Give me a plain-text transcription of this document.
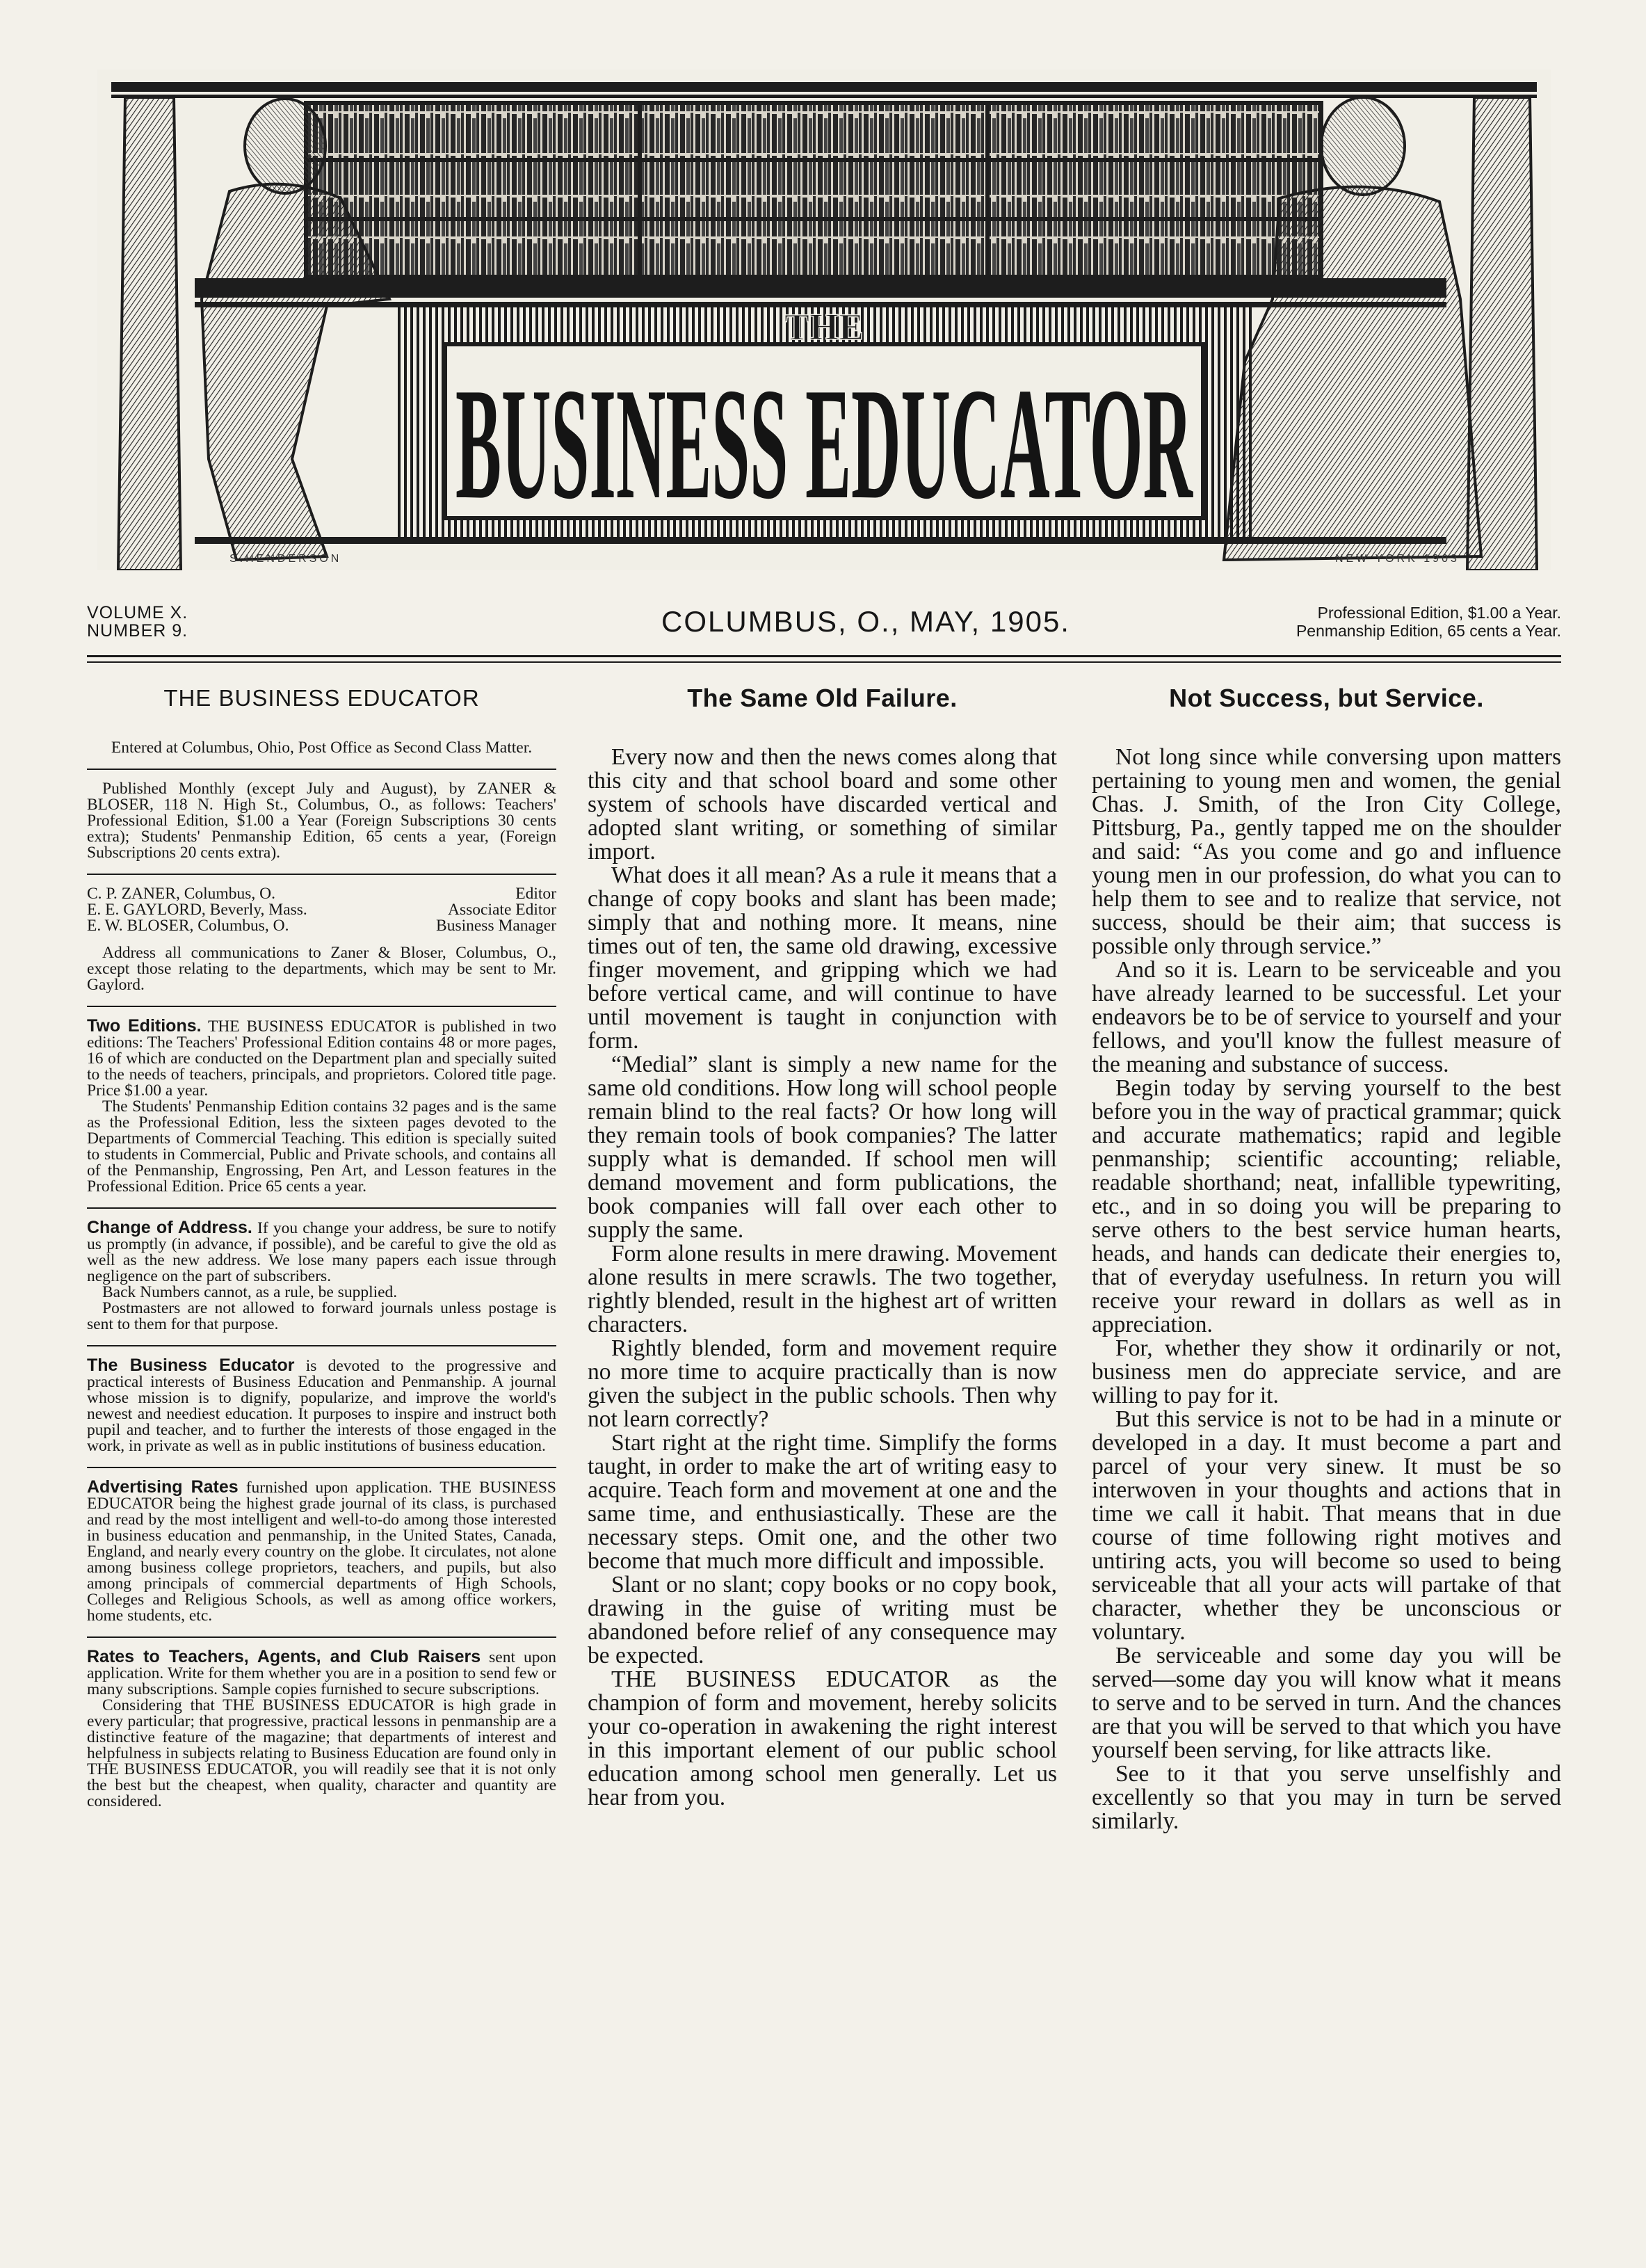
THE
BUSINESS EDUCATOR
S.HENDERSON	NEW YORK 1903
VOLUME X.
NUMBER 9.	COLUMBUS, O., MAY, 1905.	Professional Edition, $1.00 a Year.
Penmanship Edition, 65 cents a Year.
THE BUSINESS EDUCATOR

Entered at Columbus, Ohio, Post Office as Second Class Matter.

Published Monthly (except July and August), by ZANER & BLOSER, 118 N. High St., Columbus, O., as follows: Teachers' Professional Edition, $1.00 a Year (Foreign Subscriptions 30 cents extra); Students' Penmanship Edition, 65 cents a year, (Foreign Subscriptions 20 cents extra).

C. P. ZANER, Columbus, O.	Editor
E. E. GAYLORD, Beverly, Mass.	Associate Editor
E. W. BLOSER, Columbus, O.	Business Manager

Address all communications to Zaner & Bloser, Columbus, O., except those relating to the departments, which may be sent to Mr. Gaylord.

Two Editions. THE BUSINESS EDUCATOR is published in two editions: The Teachers' Professional Edition contains 48 or more pages, 16 of which are conducted on the Department plan and specially suited to the needs of teachers, principals, and proprietors. Colored title page. Price $1.00 a year.

The Students' Penmanship Edition contains 32 pages and is the same as the Professional Edition, less the sixteen pages devoted to the Departments of Commercial Teaching. This edition is specially suited to students in Commercial, Public and Private schools, and contains all of the Penmanship, Engrossing, Pen Art, and Lesson features in the Professional Edition. Price 65 cents a year.

Change of Address. If you change your address, be sure to notify us promptly (in advance, if possible), and be careful to give the old as well as the new address. We lose many papers each issue through negligence on the part of subscribers.

Back Numbers cannot, as a rule, be supplied.

Postmasters are not allowed to forward journals unless postage is sent to them for that purpose.

The Business Educator is devoted to the progressive and practical interests of Business Education and Penmanship. A journal whose mission is to dignify, popularize, and improve the world's newest and neediest education. It purposes to inspire and instruct both pupil and teacher, and to further the interests of those engaged in the work, in private as well as in public institutions of business education.

Advertising Rates furnished upon application. THE BUSINESS EDUCATOR being the highest grade journal of its class, is purchased and read by the most intelligent and well-to-do among those interested in business education and penmanship, in the United States, Canada, England, and nearly every country on the globe. It circulates, not alone among business college proprietors, teachers, and pupils, but also among principals of commercial departments of High Schools, Colleges and Religious Schools, as well as among office workers, home students, etc.

Rates to Teachers, Agents, and Club Raisers sent upon application. Write for them whether you are in a position to send few or many subscriptions. Sample copies furnished to secure subscriptions.

Considering that THE BUSINESS EDUCATOR is high grade in every particular; that progressive, practical lessons in penmanship are a distinctive feature of the magazine; that departments of interest and helpfulness in subjects relating to Business Education are found only in THE BUSINESS EDUCATOR, you will readily see that it is not only the best but the cheapest, when quality, character and quantity are considered.

The Same Old Failure.

Every now and then the news comes along that this city and that school board and some other system of schools have discarded vertical and adopted slant writing, or something of similar import.

What does it all mean? As a rule it means that a change of copy books and slant has been made; simply that and nothing more. It means, nine times out of ten, the same old drawing, excessive finger movement, and gripping which we had before vertical came, and will continue to have until movement is taught in conjunction with form.

“Medial” slant is simply a new name for the same old conditions. How long will school people remain blind to the real facts? Or how long will they remain tools of book companies? The latter supply what is demanded. If school men will demand movement and form publications, the book companies will fall over each other to supply the same.

Form alone results in mere drawing. Movement alone results in mere scrawls. The two together, rightly blended, result in the highest art of written characters.

Rightly blended, form and movement require no more time to acquire practically than is now given the subject in the public schools. Then why not learn correctly?

Start right at the right time. Simplify the forms taught, in order to make the art of writing easy to acquire. Teach form and movement at one and the same time, and enthusiastically. These are the necessary steps. Omit one, and the other two become that much more difficult and impossible.

Slant or no slant; copy books or no copy book, drawing in the guise of writing must be abandoned before relief of any consequence may be expected.

THE BUSINESS EDUCATOR as the champion of form and movement, hereby solicits your co-operation in awakening the right interest in this important element of our public school education among school men generally. Let us hear from you.

Not Success, but Service.

Not long since while conversing upon matters pertaining to young men and women, the genial Chas. J. Smith, of the Iron City College, Pittsburg, Pa., gently tapped me on the shoulder and said: “As you come and go and influence young men in our profession, do what you can to help them to see and to realize that service, not success, should be their aim; that success is possible only through service.”

And so it is. Learn to be serviceable and you have already learned to be successful. Let your endeavors be to be of service to yourself and your fellows, and you'll know the fullest measure of the meaning and substance of success.

Begin today by serving yourself to the best before you in the way of practical grammar; quick and accurate mathematics; rapid and legible penmanship; scientific accounting; reliable, readable shorthand; neat, infallible typewriting, etc., and in so doing you will be preparing to serve others to the best service human hearts, heads, and hands can dedicate their energies to, that of everyday usefulness. In return you will receive your reward in dollars as well as in appreciation.

For, whether they show it ordinarily or not, business men do appreciate service, and are willing to pay for it.

But this service is not to be had in a minute or developed in a day. It must become a part and parcel of your very sinew. It must be so interwoven in your thoughts and actions that in time we call it habit. That means that in due course of time following right motives and untiring acts, you will become so used to being serviceable that all your acts will partake of that character, whether they be unconscious or voluntary.

Be serviceable and some day you will be served—some day you will know what it means to serve and to be served in turn. And the chances are that you will be served to that which you have yourself been serving, for like attracts like.

See to it that you serve unselfishly and excellently so that you may in turn be served similarly.
